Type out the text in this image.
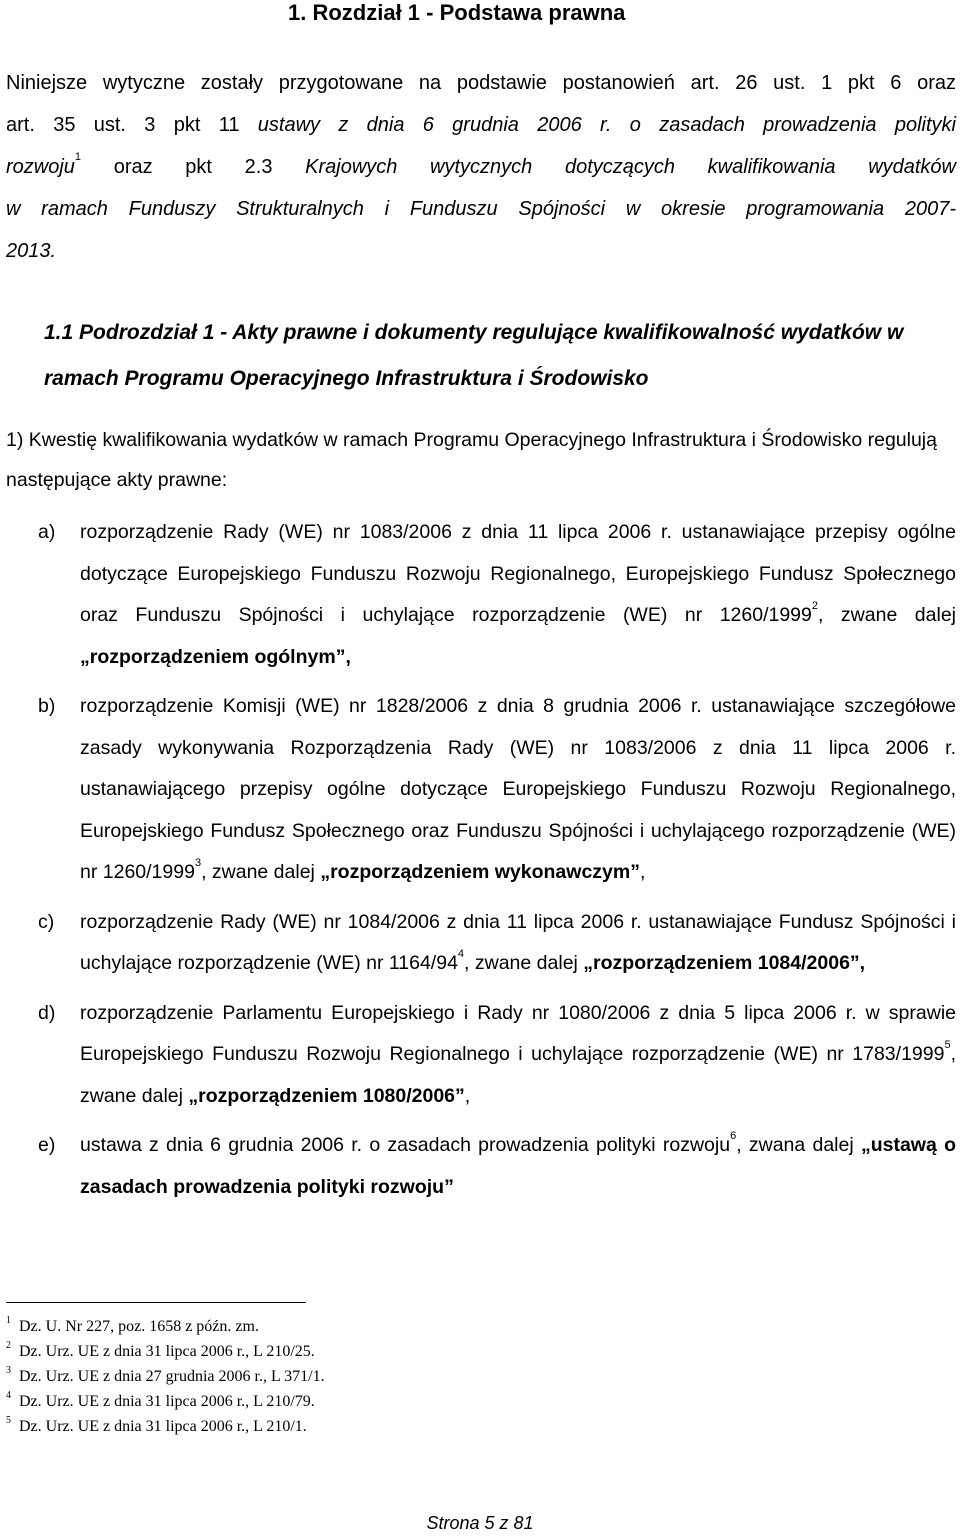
1. Rozdział 1 - Podstawa prawna
Niniejsze wytyczne zostały przygotowane na podstawie postanowień art. 26 ust. 1 pkt 6 oraz
art. 35 ust. 3 pkt 11 ustawy z dnia 6 grudnia 2006 r. o zasadach prowadzenia polityki
rozwoju$^1$ oraz pkt 2.3 Krajowych wytycznych dotyczących kwalifikowania wydatków
w ramach Funduszy Strukturalnych i Funduszu Spójności w okresie programowania 2007-
2013.
1.1 Podrozdział 1 - Akty prawne i dokumenty regulujące kwalifikowalność wydatków w ramach Programu Operacyjnego Infrastruktura i Środowisko
1) Kwestię kwalifikowania wydatków w ramach Programu Operacyjnego Infrastruktura i Środowisko regulują następujące akty prawne:
a) rozporządzenie Rady (WE) nr 1083/2006 z dnia 11 lipca 2006 r. ustanawiające przepisy ogólne dotyczące Europejskiego Funduszu Rozwoju Regionalnego, Europejskiego Fundusz Społecznego oraz Funduszu Spójności i uchylające rozporządzenie (WE) nr 1260/1999$^2$, zwane dalej „rozporządzeniem ogólnym”,
b) rozporządzenie Komisji (WE) nr 1828/2006 z dnia 8 grudnia 2006 r. ustanawiające szczegółowe zasady wykonywania Rozporządzenia Rady (WE) nr 1083/2006 z dnia 11 lipca 2006 r. ustanawiającego przepisy ogólne dotyczące Europejskiego Funduszu Rozwoju Regionalnego, Europejskiego Fundusz Społecznego oraz Funduszu Spójności i uchylającego rozporządzenie (WE) nr 1260/1999$^3$, zwane dalej „rozporządzeniem wykonawczym”,
c) rozporządzenie Rady (WE) nr 1084/2006 z dnia 11 lipca 2006 r. ustanawiające Fundusz Spójności i uchylające rozporządzenie (WE) nr $1164/94^4$, zwane dalej „rozporządzeniem 1084/2006”,
d) rozporządzenie Parlamentu Europejskiego i Rady nr 1080/2006 z dnia 5 lipca 2006 r. w sprawie Europejskiego Funduszu Rozwoju Regionalnego i uchylające rozporządzenie (WE) nr 1783/1999$^5$, zwane dalej „rozporządzeniem 1080/2006”,
e) ustawa z dnia 6 grudnia 2006 r. o zasadach prowadzenia polityki rozwoju$^6$, zwana dalej „ustawą o zasadach prowadzenia polityki rozwoju”
$^1$ Dz. U. Nr 227, poz. 1658 z późn. zm.
$^2$ Dz. Urz. UE z dnia 31 lipca 2006 r., L 210/25.
$^3$ Dz. Urz. UE z dnia 27 grudnia 2006 r., L 371/1.
$^4$ Dz. Urz. UE z dnia 31 lipca 2006 r., L 210/79.
$^5$ Dz. Urz. UE z dnia 31 lipca 2006 r., L 210/1.
Strona 5 z 81
